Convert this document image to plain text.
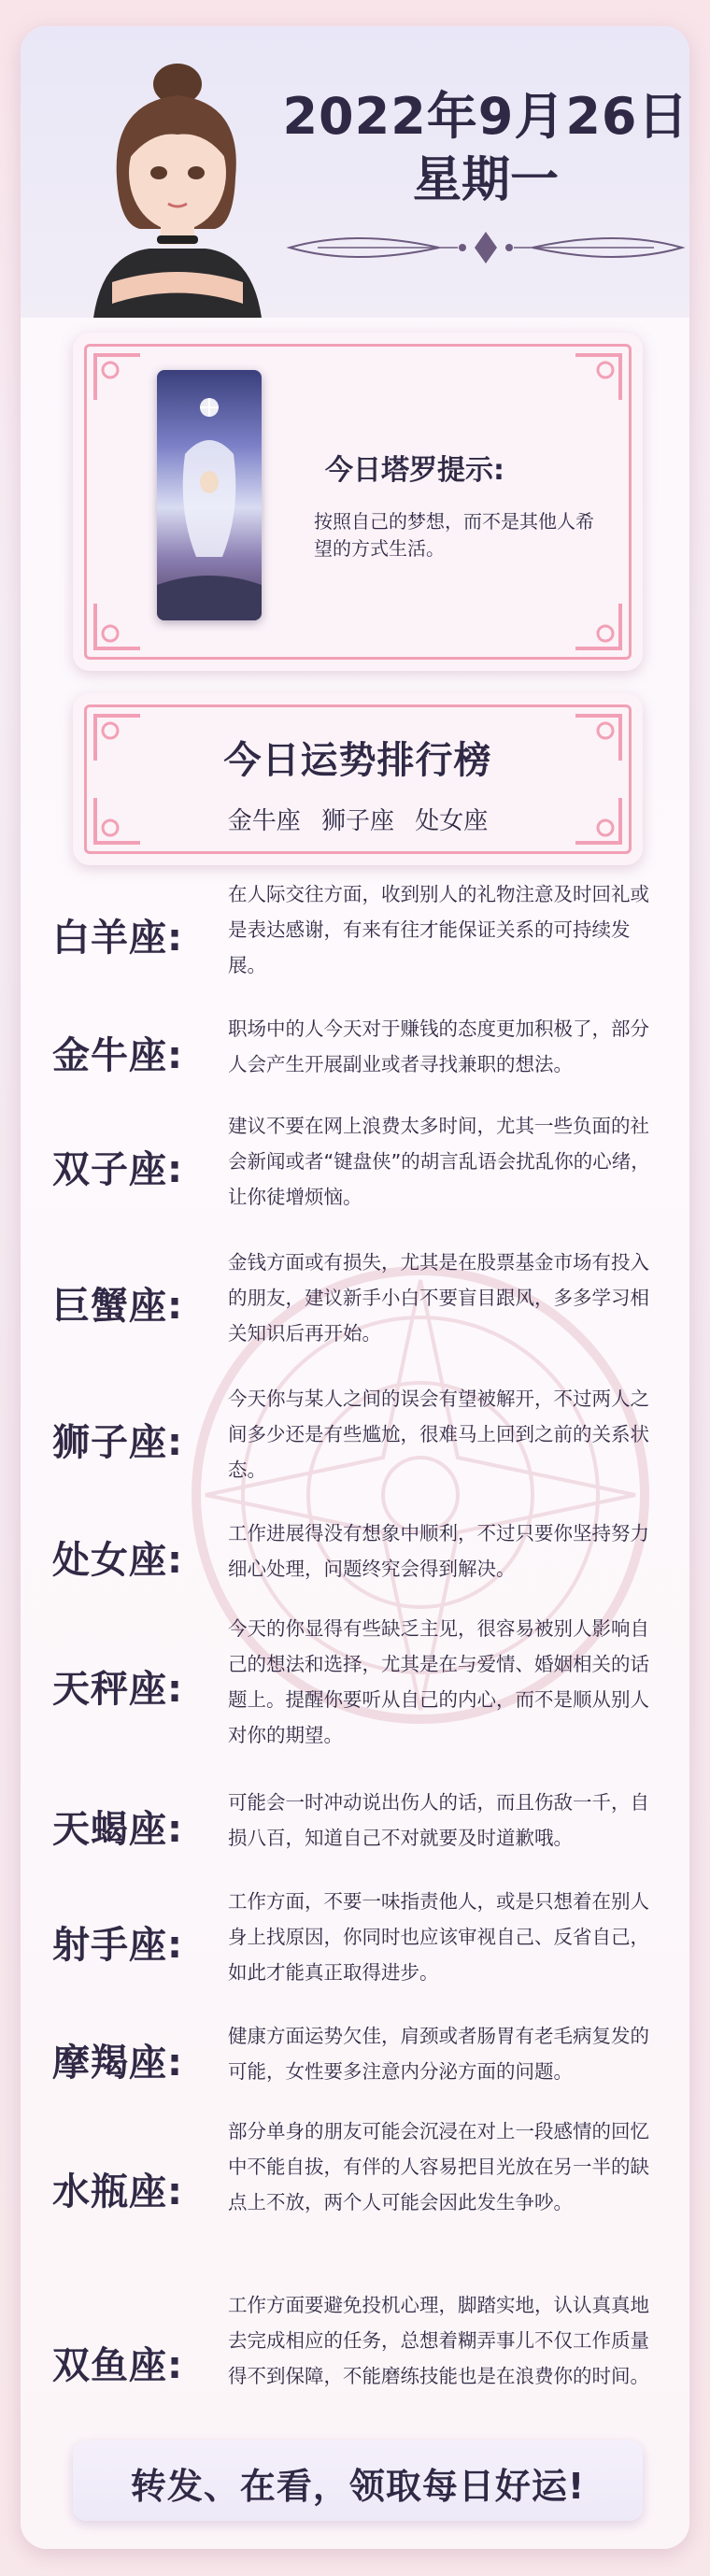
2022年9月26日
星期一
今日塔罗提示:
按照自己的梦想，而不是其他人希望的方式生活。
今日运势排行榜
金牛座 狮子座 处女座
白羊座:
在人际交往方面，收到别人的礼物注意及时回礼或是表达感谢，有来有往才能保证关系的可持续发展。
金牛座:
职场中的人今天对于赚钱的态度更加积极了，部分人会产生开展副业或者寻找兼职的想法。
双子座:
建议不要在网上浪费太多时间，尤其一些负面的社会新闻或者“键盘侠”的胡言乱语会扰乱你的心绪，让你徒增烦恼。
巨蟹座:
金钱方面或有损失，尤其是在股票基金市场有投入的朋友，建议新手小白不要盲目跟风，多多学习相关知识后再开始。
狮子座:
今天你与某人之间的误会有望被解开，不过两人之间多少还是有些尴尬，很难马上回到之前的关系状态。
处女座:
工作进展得没有想象中顺利，不过只要你坚持努力细心处理，问题终究会得到解决。
天秤座:
今天的你显得有些缺乏主见，很容易被别人影响自己的想法和选择，尤其是在与爱情、婚姻相关的话题上。提醒你要听从自己的内心，而不是顺从别人对你的期望。
天蝎座:
可能会一时冲动说出伤人的话，而且伤敌一千，自损八百，知道自己不对就要及时道歉哦。
射手座:
工作方面，不要一味指责他人，或是只想着在别人身上找原因，你同时也应该审视自己、反省自己，如此才能真正取得进步。
摩羯座:
健康方面运势欠佳，肩颈或者肠胃有老毛病复发的可能，女性要多注意内分泌方面的问题。
水瓶座:
部分单身的朋友可能会沉浸在对上一段感情的回忆中不能自拔，有伴的人容易把目光放在另一半的缺点上不放，两个人可能会因此发生争吵。
双鱼座:
工作方面要避免投机心理，脚踏实地，认认真真地去完成相应的任务，总想着糊弄事儿不仅工作质量得不到保障，不能磨练技能也是在浪费你的时间。
转发、在看，领取每日好运!
